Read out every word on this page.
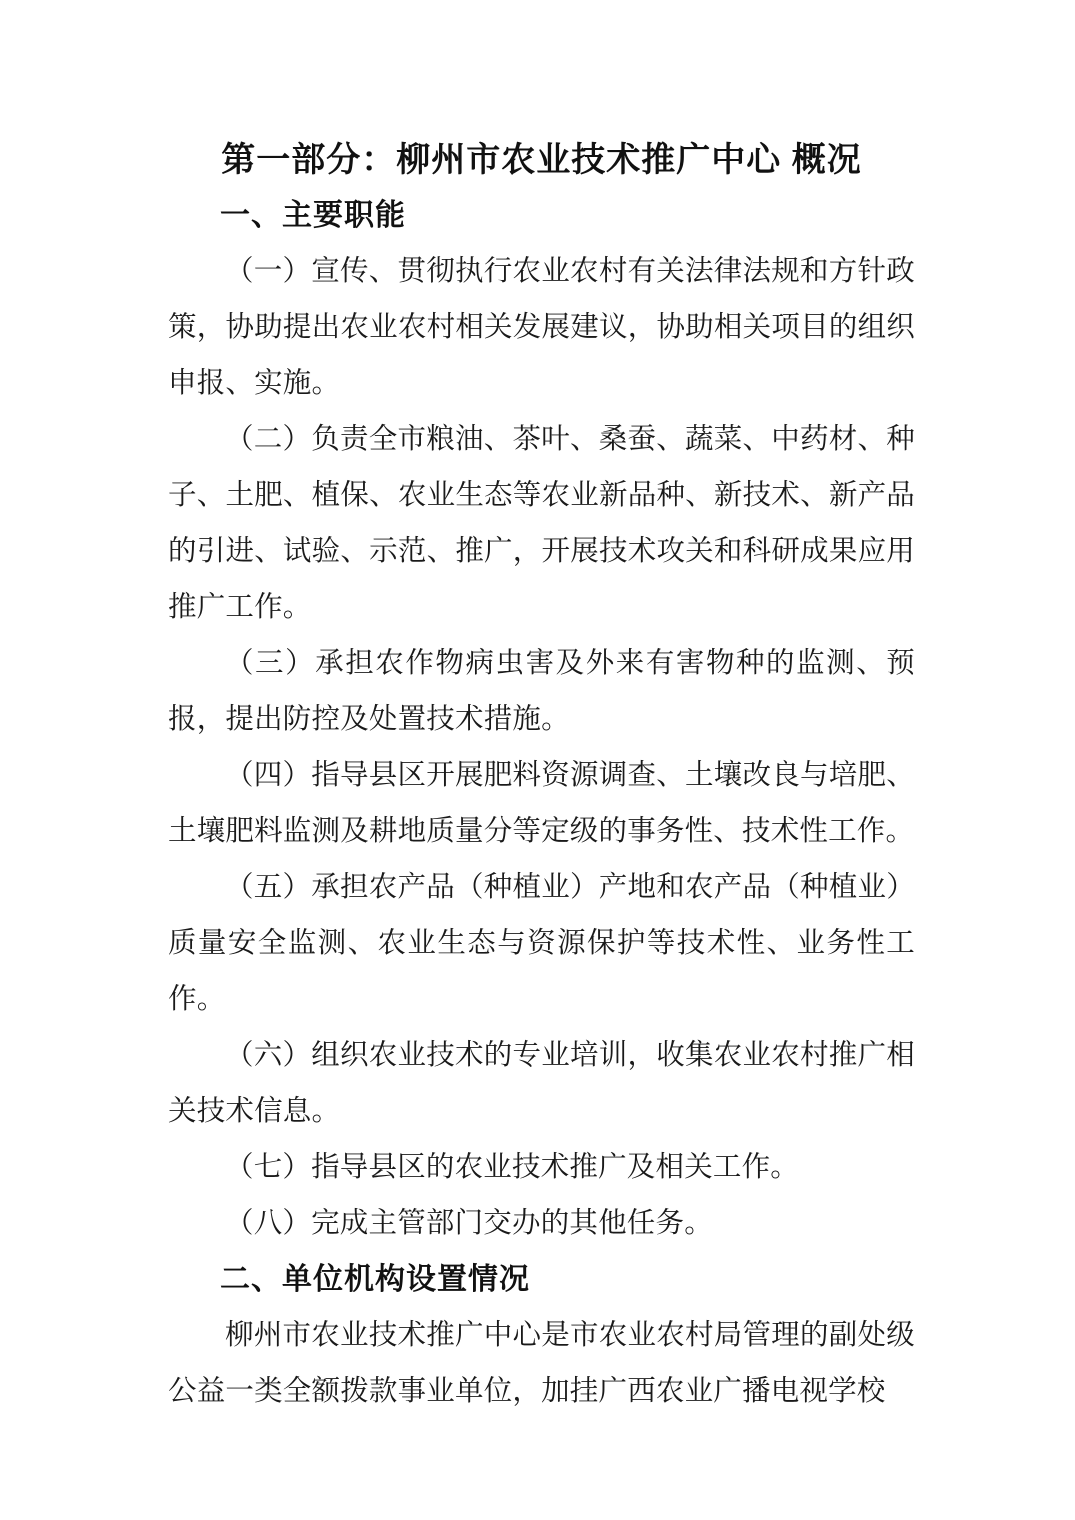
第一部分：柳州市农业技术推广中心 概况
一、主要职能

（一）宣传、贯彻执行农业农村有关法律法规和方针政策，协助提出农业农村相关发展建议，协助相关项目的组织申报、实施。

（二）负责全市粮油、茶叶、桑蚕、蔬菜、中药材、种子、土肥、植保、农业生态等农业新品种、新技术、新产品的引进、试验、示范、推广，开展技术攻关和科研成果应用推广工作。

（三）承担农作物病虫害及外来有害物种的监测、预报，提出防控及处置技术措施。

（四）指导县区开展肥料资源调查、土壤改良与培肥、土壤肥料监测及耕地质量分等定级的事务性、技术性工作。

（五）承担农产品（种植业）产地和农产品（种植业）质量安全监测、农业生态与资源保护等技术性、业务性工作。

（六）组织农业技术的专业培训，收集农业农村推广相关技术信息。

（七）指导县区的农业技术推广及相关工作。

（八）完成主管部门交办的其他任务。

二、单位机构设置情况

柳州市农业技术推广中心是市农业农村局管理的副处级公益一类全额拨款事业单位，加挂广西农业广播电视学校
